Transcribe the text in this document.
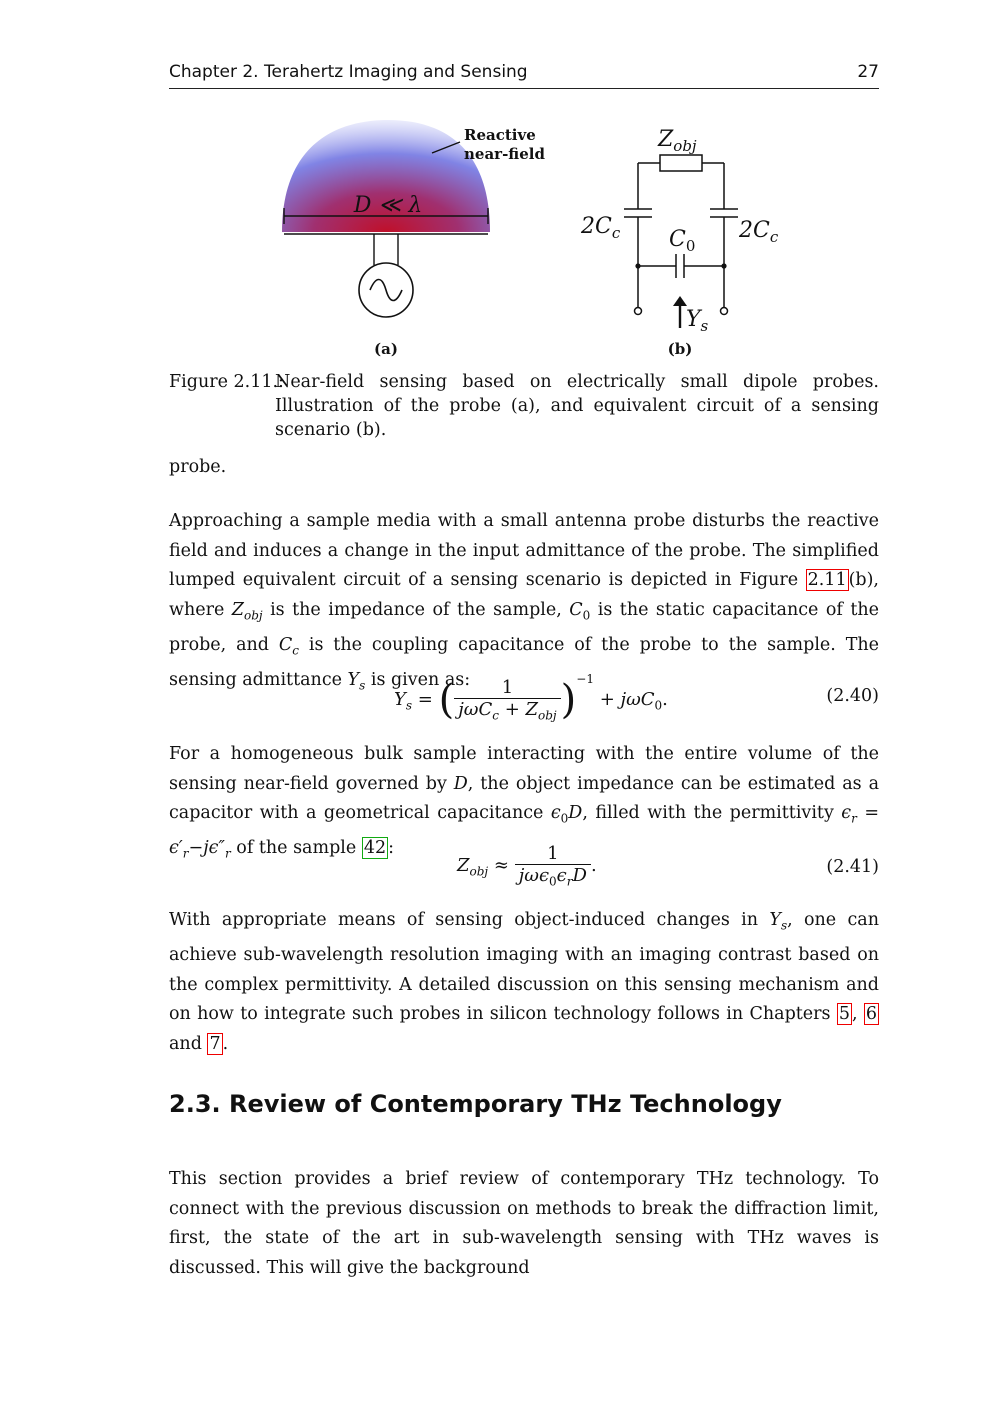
Chapter 2. Terahertz Imaging and Sensing	27
D ≪ λ
Reactive
near-field
(a)
$Z_{obj}$
$2C_c$	$2C_c$
$C_0$
$Y_s$
(b)
Figure 2.11.:
Near-field sensing based on electrically small dipole probes. Illustration of the probe (a), and equivalent circuit of a sensing scenario (b).
probe.
Approaching a sample media with a small antenna probe disturbs the reactive field and induces a change in the input admittance of the probe. The simplified lumped equivalent circuit of a sensing scenario is depicted in Figure 2.11 (b), where $Z_{obj}$ is the impedance of the sample, $C_0$ is the static capacitance of the probe, and $C_c$ is the coupling capacitance of the probe to the sample. The sensing admittance $Y_s$ is given as:
$Y_s$ = ( $\frac{1}{j\omega C_c + Z_{obj}} )^{-1} + j\omega C_0$.	(2.40)
For a homogeneous bulk sample interacting with the entire volume of the sensing near-field governed by D, the object impedance can be estimated as a capacitor with a geometrical capacitance $\epsilon_0D$, filled with the permittivity $\epsilon_r = \epsilon'_r-j\epsilon''_r$ of the sample 42 :
$Z_{obj} \approx \frac{1}{j\omega\epsilon_0\epsilon_rD}$ .	(2.41)
With appropriate means of sensing object-induced changes in $Y_s$, one can achieve sub-wavelength resolution imaging with an imaging contrast based on the complex permittivity. A detailed discussion on this sensing mechanism and on how to integrate such probes in silicon technology follows in Chapters 5 , 6 and 7 .
2.3. Review of Contemporary THz Technology
This section provides a brief review of contemporary THz technology. To connect with the previous discussion on methods to break the diffraction limit, first, the state of the art in sub-wavelength sensing with THz waves is discussed. This will give the background
